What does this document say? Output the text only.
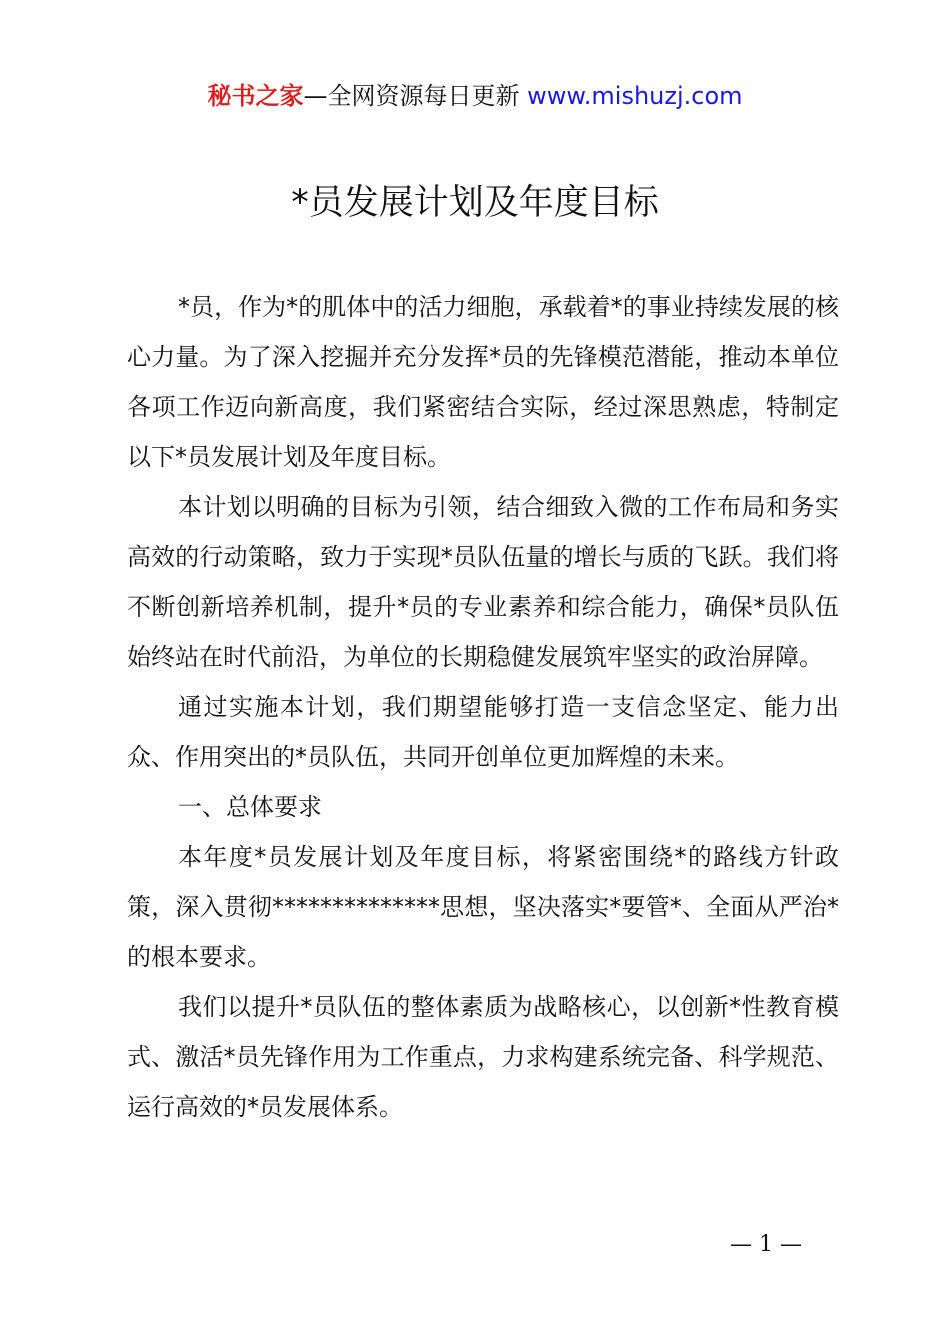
秘书之家—全网资源每日更新 www.mishuzj.com
*员发展计划及年度目标

*员，作为*的肌体中的活力细胞，承载着*的事业持续发展的核心力量。为了深入挖掘并充分发挥*员的先锋模范潜能，推动本单位各项工作迈向新高度，我们紧密结合实际，经过深思熟虑，特制定以下*员发展计划及年度目标。

本计划以明确的目标为引领，结合细致入微的工作布局和务实高效的行动策略，致力于实现*员队伍量的增长与质的飞跃。我们将不断创新培养机制，提升*员的专业素养和综合能力，确保*员队伍始终站在时代前沿，为单位的长期稳健发展筑牢坚实的政治屏障。

通过实施本计划，我们期望能够打造一支信念坚定、能力出众、作用突出的*员队伍，共同开创单位更加辉煌的未来。

一、总体要求

本年度*员发展计划及年度目标，将紧密围绕*的路线方针政策，深入贯彻**************思想，坚决落实*要管*、全面从严治*的根本要求。

我们以提升*员队伍的整体素质为战略核心，以创新*性教育模式、激活*员先锋作用为工作重点，力求构建系统完备、科学规范、运行高效的*员发展体系。

— 1 —
